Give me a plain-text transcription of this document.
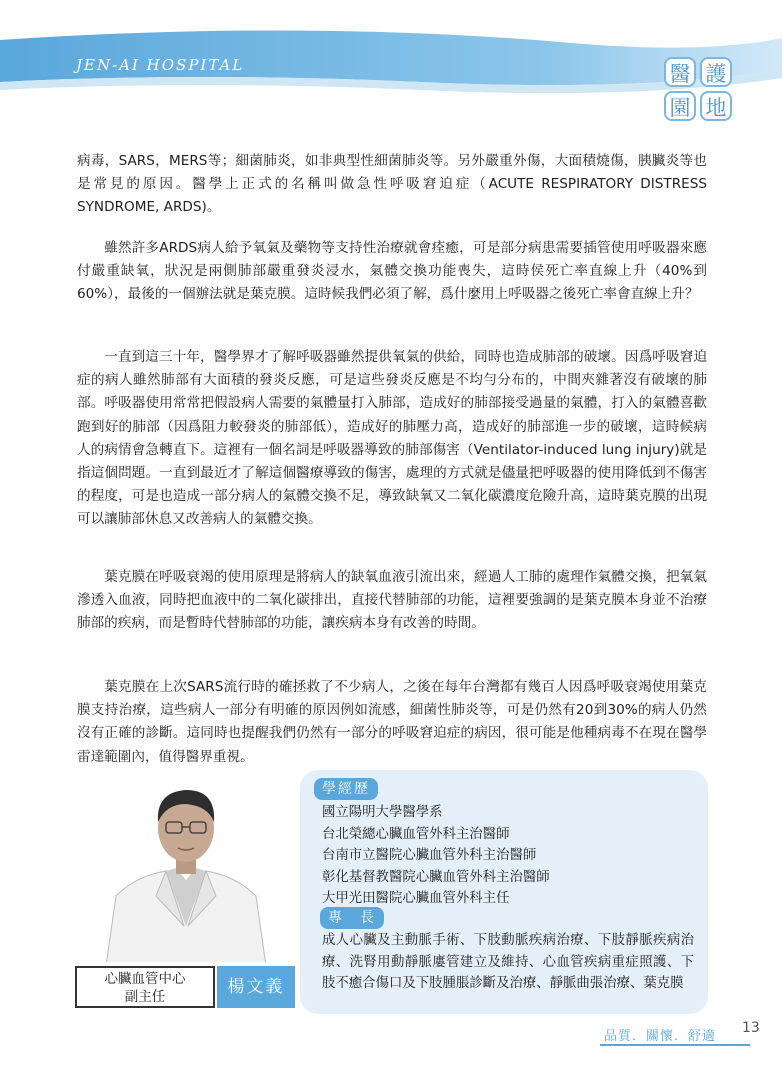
JEN-AI HOSPITAL	醫 護
園 地

病毒，SARS，MERS等；細菌肺炎，如非典型性細菌肺炎等。另外嚴重外傷，大面積燒傷，胰臟炎等也是常見的原因。醫學上正式的名稱叫做急性呼吸窘迫症（ACUTE RESPIRATORY DISTRESS SYNDROME, ARDS)。

雖然許多ARDS病人給予氧氣及藥物等支持性治療就會痊癒，可是部分病患需要插管使用呼吸器來應付嚴重缺氧，狀況是兩側肺部嚴重發炎浸水，氣體交換功能喪失，這時侯死亡率直線上升（40%到60%），最後的一個辦法就是葉克膜。這時候我們必須了解，爲什麼用上呼吸器之後死亡率會直線上升？

一直到這三十年，醫學界才了解呼吸器雖然提供氧氣的供給，同時也造成肺部的破壞。因爲呼吸窘迫症的病人雖然肺部有大面積的發炎反應，可是這些發炎反應是不均勻分布的，中間夾雜著沒有破壞的肺部。呼吸器使用常常把假設病人需要的氣體量打入肺部，造成好的肺部接受過量的氣體，打入的氣體喜歡跑到好的肺部（因爲阻力較發炎的肺部低），造成好的肺壓力高，造成好的肺部進一步的破壞，這時候病人的病情會急轉直下。這裡有一個名詞是呼吸器導致的肺部傷害（Ventilator-induced lung injury)就是指這個問題。一直到最近才了解這個醫療導致的傷害，處理的方式就是儘量把呼吸器的使用降低到不傷害的程度，可是也造成一部分病人的氣體交換不足，導致缺氧又二氧化碳濃度危險升高，這時葉克膜的出現可以讓肺部休息又改善病人的氣體交換。

葉克膜在呼吸衰竭的使用原理是將病人的缺氧血液引流出來，經過人工肺的處理作氣體交換，把氧氣滲透入血液，同時把血液中的二氧化碳排出，直接代替肺部的功能，這裡要強調的是葉克膜本身並不治療肺部的疾病，而是暫時代替肺部的功能，讓疾病本身有改善的時間。

葉克膜在上次SARS流行時的確拯救了不少病人，之後在每年台灣都有幾百人因爲呼吸衰竭使用葉克膜支持治療，這些病人一部分有明確的原因例如流感，細菌性肺炎等，可是仍然有20到30%的病人仍然沒有正確的診斷。這同時也提醒我們仍然有一部分的呼吸窘迫症的病因，很可能是他種病毒不在現在醫學雷達範圍內，值得醫界重視。

心臟血管中心
副主任	楊文義
學經歷
國立陽明大學醫學系
台北榮總心臟血管外科主治醫師
台南市立醫院心臟血管外科主治醫師
彰化基督教醫院心臟血管外科主治醫師
大甲光田醫院心臟血管外科主任
專　長

成人心臟及主動脈手術、下肢動脈疾病治療、下肢靜脈疾病治療、洗腎用動靜脈廔管建立及維持、心血管疾病重症照護、下肢不癒合傷口及下肢腫脹診斷及治療、靜脈曲張治療、葉克膜

品質．關懷．舒適
13
